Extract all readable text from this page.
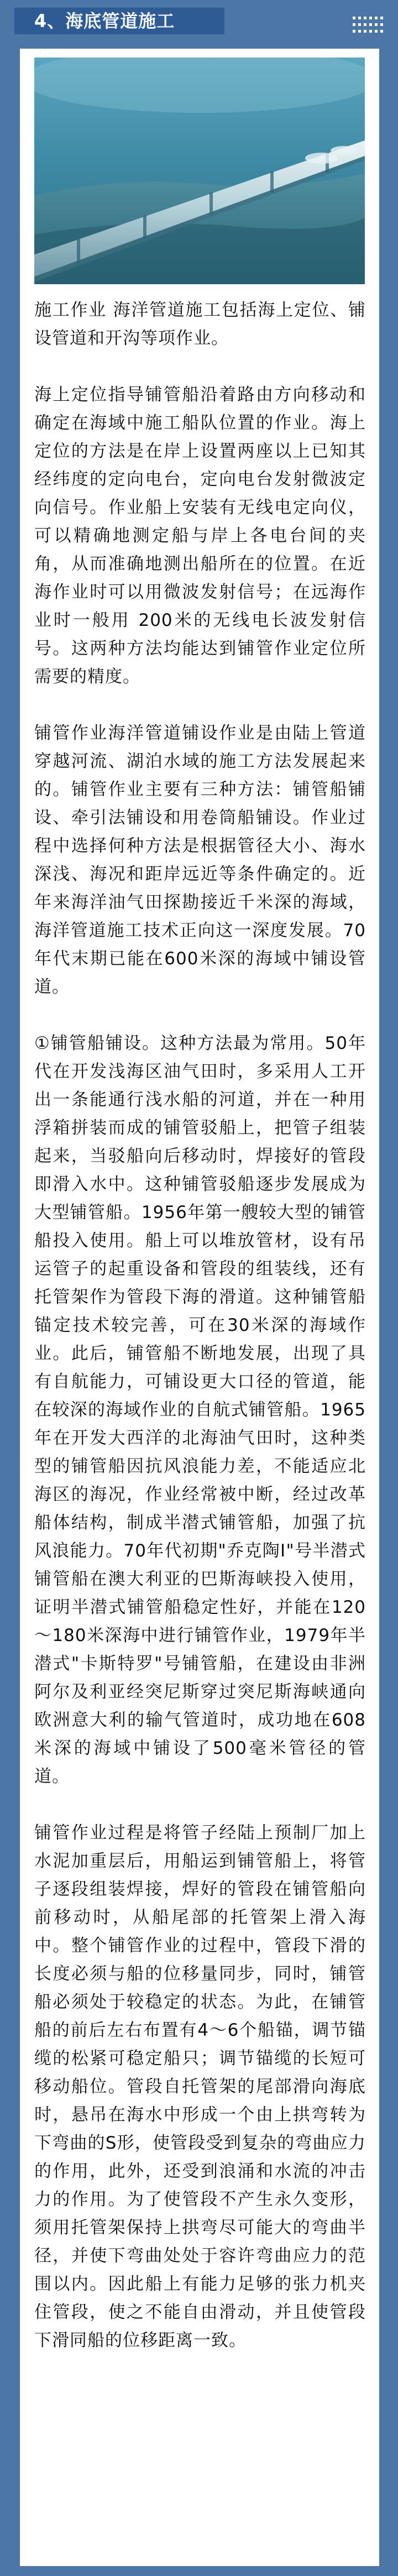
4、海底管道施工

施工作业 海洋管道施工包括海上定位、铺设管道和开沟等项作业。

海上定位指导铺管船沿着路由方向移动和确定在海域中施工船队位置的作业。海上定位的方法是在岸上设置两座以上已知其经纬度的定向电台，定向电台发射微波定向信号。作业船上安装有无线电定向仪，可以精确地测定船与岸上各电台间的夹角，从而准确地测出船所在的位置。在近海作业时可以用微波发射信号；在远海作业时一般用 200米的无线电长波发射信号。这两种方法均能达到铺管作业定位所需要的精度。

铺管作业海洋管道铺设作业是由陆上管道穿越河流、湖泊水域的施工方法发展起来的。铺管作业主要有三种方法：铺管船铺设、牵引法铺设和用卷筒船铺设。作业过程中选择何种方法是根据管径大小、海水深浅、海况和距岸远近等条件确定的。近年来海洋油气田探勘接近千米深的海域，海洋管道施工技术正向这一深度发展。70年代末期已能在600米深的海域中铺设管道。

①铺管船铺设。这种方法最为常用。50年代在开发浅海区油气田时，多采用人工开出一条能通行浅水船的河道，并在一种用浮箱拼装而成的铺管驳船上，把管子组装起来，当驳船向后移动时，焊接好的管段即滑入水中。这种铺管驳船逐步发展成为大型铺管船。1956年第一艘较大型的铺管船投入使用。船上可以堆放管材，设有吊运管子的起重设备和管段的组装线，还有托管架作为管段下海的滑道。这种铺管船锚定技术较完善，可在30米深的海域作业。此后，铺管船不断地发展，出现了具有自航能力，可铺设更大口径的管道，能在较深的海域作业的自航式铺管船。1965年在开发大西洋的北海油气田时，这种类型的铺管船因抗风浪能力差，不能适应北海区的海况，作业经常被中断，经过改革船体结构，制成半潜式铺管船，加强了抗风浪能力。70年代初期"乔克陶Ⅰ"号半潜式铺管船在澳大利亚的巴斯海峡投入使用，证明半潜式铺管船稳定性好，并能在120～180米深海中进行铺管作业，1979年半潜式"卡斯特罗"号铺管船，在建设由非洲阿尔及利亚经突尼斯穿过突尼斯海峡通向欧洲意大利的输气管道时，成功地在608米深的海域中铺设了500毫米管径的管道。

铺管作业过程是将管子经陆上预制厂加上水泥加重层后，用船运到铺管船上，将管子逐段组装焊接，焊好的管段在铺管船向前移动时，从船尾部的托管架上滑入海中。整个铺管作业的过程中，管段下滑的长度必须与船的位移量同步，同时，铺管船必须处于较稳定的状态。为此，在铺管船的前后左右布置有4～6个船锚，调节锚缆的松紧可稳定船只；调节锚缆的长短可移动船位。管段自托管架的尾部滑向海底时，悬吊在海水中形成一个由上拱弯转为下弯曲的S形，使管段受到复杂的弯曲应力的作用，此外，还受到浪涌和水流的冲击力的作用。为了使管段不产生永久变形，须用托管架保持上拱弯尽可能大的弯曲半径，并使下弯曲处处于容许弯曲应力的范围以内。因此船上有能力足够的张力机夹住管段，使之不能自由滑动，并且使管段下滑同船的位移距离一致。
